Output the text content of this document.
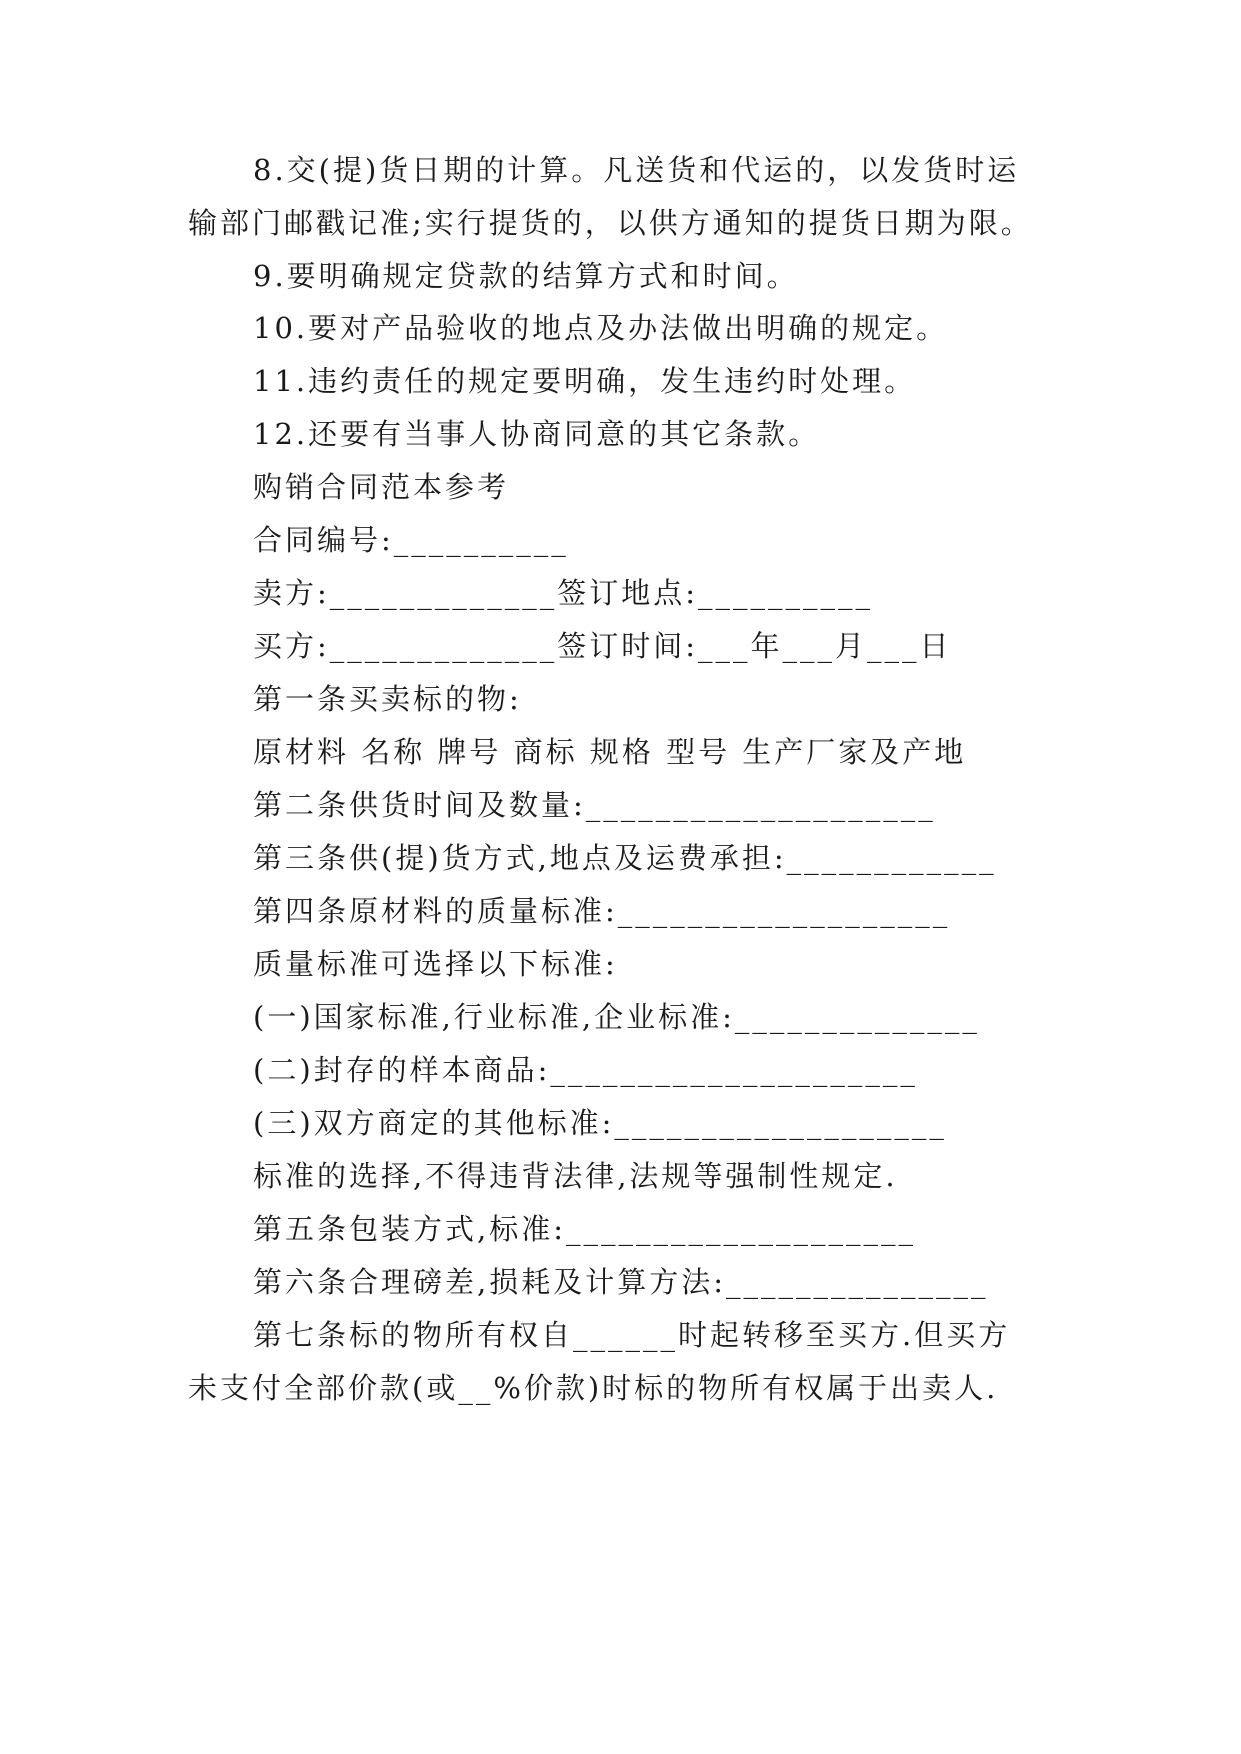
8.交(提)货日期的计算。凡送货和代运的，以发货时运
输部门邮戳记准;实行提货的，以供方通知的提货日期为限。
9.要明确规定贷款的结算方式和时间。
10.要对产品验收的地点及办法做出明确的规定。
11.违约责任的规定要明确，发生违约时处理。
12.还要有当事人协商同意的其它条款。
购销合同范本参考
合同编号:__________
卖方:_____________签订地点:__________
买方:_____________签订时间:___年___月___日
第一条买卖标的物:
原材料 名称 牌号 商标 规格 型号 生产厂家及产地
第二条供货时间及数量:____________________
第三条供(提)货方式,地点及运费承担:____________
第四条原材料的质量标准:___________________
质量标准可选择以下标准:
(一)国家标准,行业标准,企业标准:______________
(二)封存的样本商品:_____________________
(三)双方商定的其他标准:___________________
标准的选择,不得违背法律,法规等强制性规定.
第五条包装方式,标准:____________________
第六条合理磅差,损耗及计算方法:_______________
第七条标的物所有权自______时起转移至买方.但买方
未支付全部价款(或__%价款)时标的物所有权属于出卖人.
